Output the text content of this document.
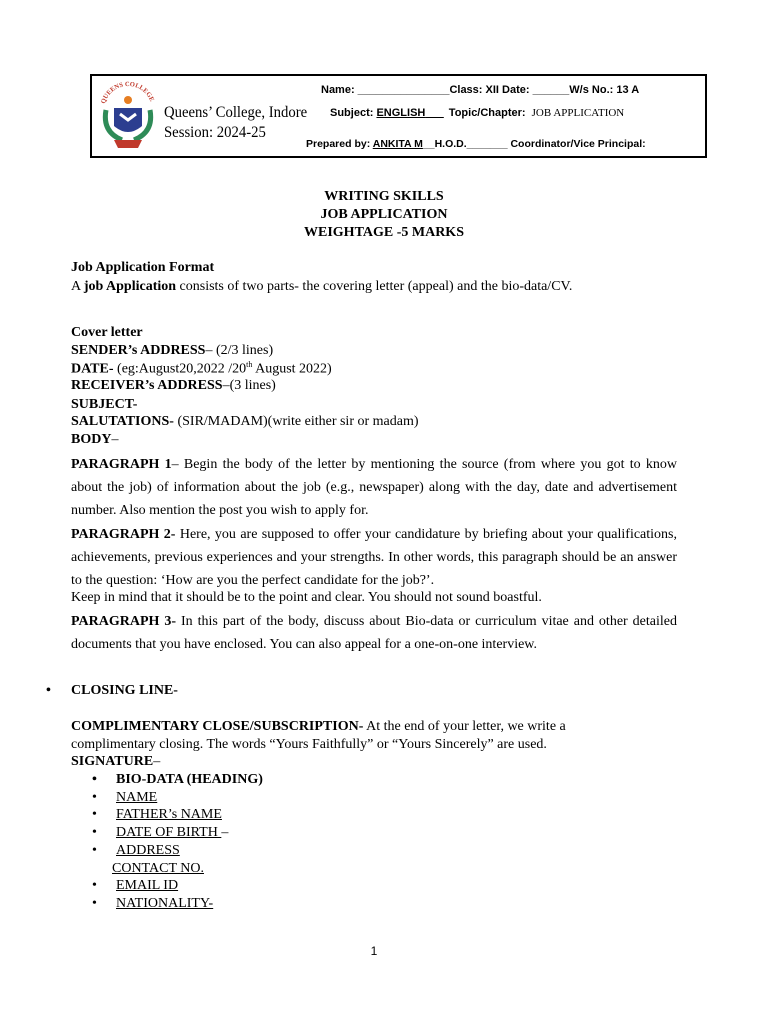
QUEENS COLLEGE
Queens’ College, Indore
Session: 2024-25
Name: _______________Class: XII Date: ______W/s No.: 13 A
Subject: ENGLISH___ Topic/Chapter: JOB APPLICATION
Prepared by: ANKITA M__H.O.D._______ Coordinator/Vice Principal:
WRITING SKILLS
JOB APPLICATION
WEIGHTAGE -5 MARKS
Job Application Format
A job Application consists of two parts- the covering letter (appeal) and the bio-data/CV.
Cover letter
SENDER’s ADDRESS– (2/3 lines)
DATE- (eg:August20,2022 /20th August 2022)
RECEIVER’s ADDRESS–(3 lines)
SUBJECT-
SALUTATIONS- (SIR/MADAM)(write either sir or madam)
BODY–
PARAGRAPH 1– Begin the body of the letter by mentioning the source (from where you got to know about the job) of information about the job (e.g., newspaper) along with the day, date and advertisement number. Also mention the post you wish to apply for.
PARAGRAPH 2- Here, you are supposed to offer your candidature by briefing about your qualifications, achievements, previous experiences and your strengths. In other words, this paragraph should be an answer to the question: ‘How are you the perfect candidate for the job?’.
Keep in mind that it should be to the point and clear. You should not sound boastful.
PARAGRAPH 3- In this part of the body, discuss about Bio-data or curriculum vitae and other detailed documents that you have enclosed. You can also appeal for a one-on-one interview.
• CLOSING LINE-
COMPLIMENTARY CLOSE/SUBSCRIPTION- At the end of your letter, we write a
complimentary closing. The words “Yours Faithfully” or “Yours Sincerely” are used.
SIGNATURE–
• BIO-DATA (HEADING)
• NAME
• FATHER’s NAME
• DATE OF BIRTH –
• ADDRESS
CONTACT NO.
• EMAIL ID
• NATIONALITY-
1
